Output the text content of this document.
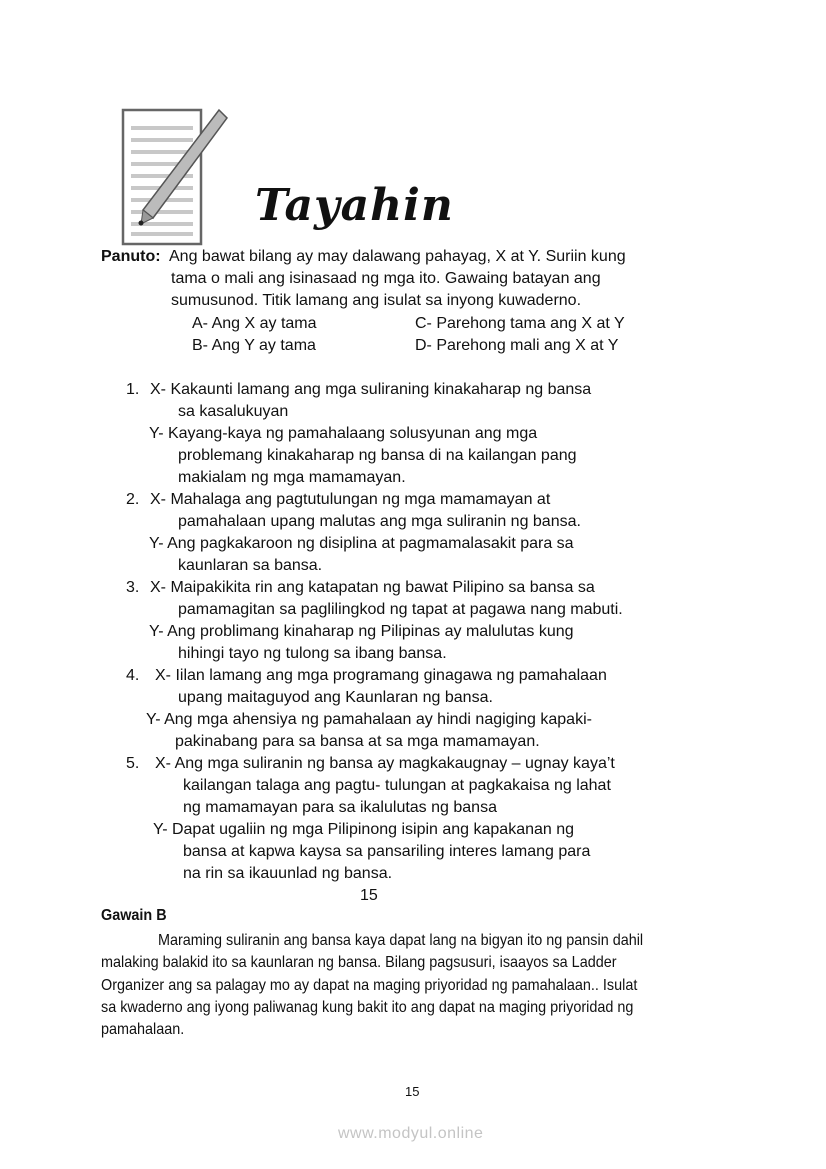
Tayahin
Panuto: Ang bawat bilang ay may dalawang pahayag, X at Y. Suriin kung
tama o mali ang isinasaad ng mga ito. Gawaing batayan ang
sumusunod. Titik lamang ang isulat sa inyong kuwaderno.
A- Ang X ay tama	C- Parehong tama ang X at Y
B- Ang Y ay tama	D- Parehong mali ang X at Y
1. X- Kakaunti lamang ang mga suliraning kinakaharap ng bansa
sa kasalukuyan
Y- Kayang-kaya ng pamahalaang solusyunan ang mga
problemang kinakaharap ng bansa di na kailangan pang
makialam ng mga mamamayan.
2. X- Mahalaga ang pagtutulungan ng mga mamamayan at
pamahalaan upang malutas ang mga suliranin ng bansa.
Y- Ang pagkakaroon ng disiplina at pagmamalasakit para sa
kaunlaran sa bansa.
3. X- Maipakikita rin ang katapatan ng bawat Pilipino sa bansa sa
pamamagitan sa paglilingkod ng tapat at pagawa nang mabuti.
Y- Ang problimang kinaharap ng Pilipinas ay malulutas kung
hihingi tayo ng tulong sa ibang bansa.
4. X- Iilan lamang ang mga programang ginagawa ng pamahalaan
upang maitaguyod ang Kaunlaran ng bansa.
Y- Ang mga ahensiya ng pamahalaan ay hindi nagiging kapaki-
pakinabang para sa bansa at sa mga mamamayan.
5. X- Ang mga suliranin ng bansa ay magkakaugnay – ugnay kaya’t
kailangan talaga ang pagtu- tulungan at pagkakaisa ng lahat
ng mamamayan para sa ikalulutas ng bansa
Y- Dapat ugaliin ng mga Pilipinong isipin ang kapakanan ng
bansa at kapwa kaysa sa pansariling interes lamang para
na rin sa ikauunlad ng bansa.
15
Gawain B
Maraming suliranin ang bansa kaya dapat lang na bigyan ito ng pansin dahil
malaking balakid ito sa kaunlaran ng bansa. Bilang pagsusuri, isaayos sa Ladder
Organizer ang sa palagay mo ay dapat na maging priyoridad ng pamahalaan.. Isulat
sa kwaderno ang iyong paliwanag kung bakit ito ang dapat na maging priyoridad ng
pamahalaan.
15
www.modyul.online
